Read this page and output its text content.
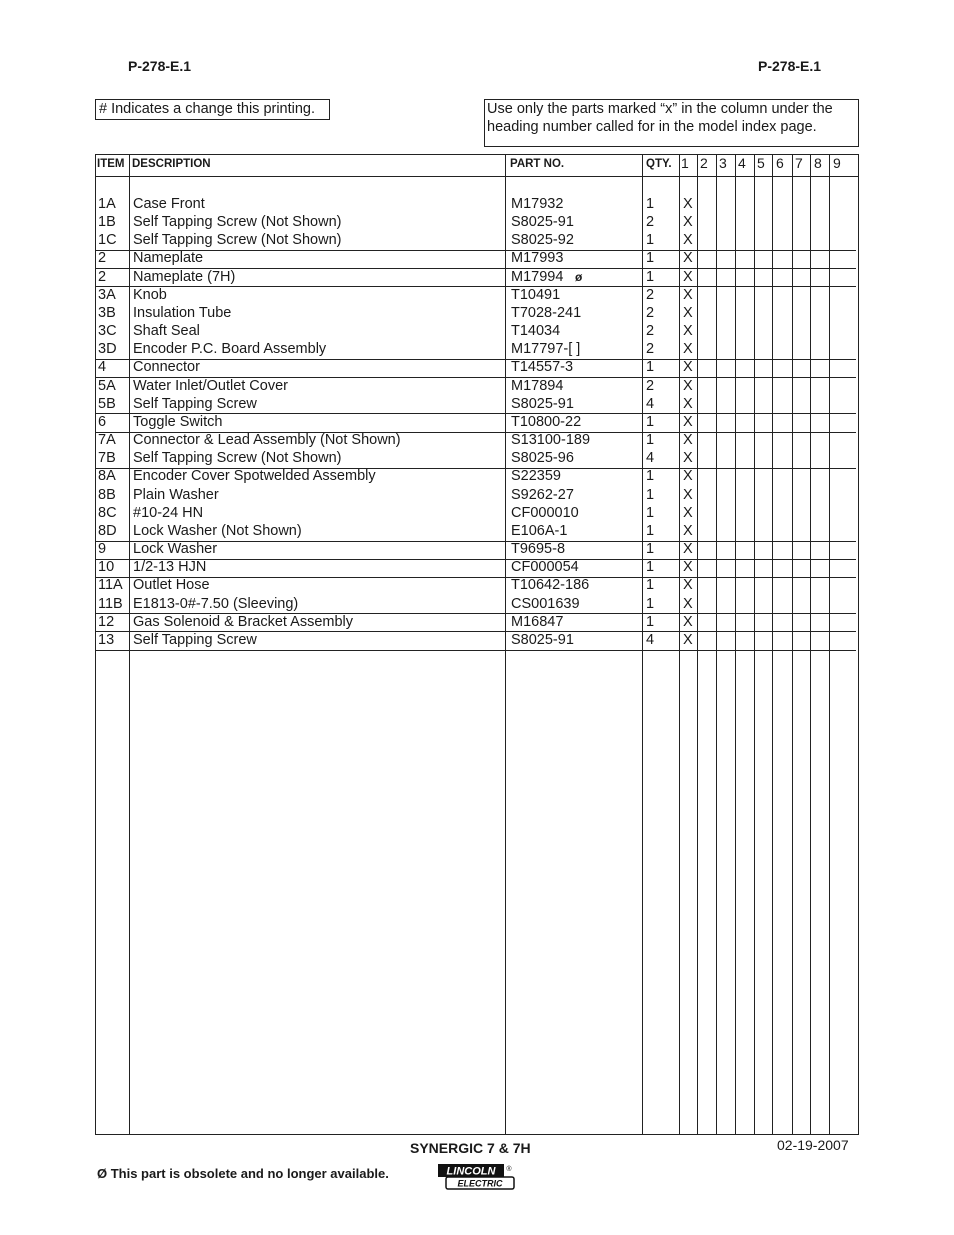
P-278-E.1	P-278-E.1
# Indicates a change this printing.	Use only the parts marked “x” in the column under the
heading number called for in the model index page.
ITEM DESCRIPTION	PART NO.	QTY. 1 2 3 4 5 6 7 8 9
1A Case Front	M17932	1 X
1B Self Tapping Screw (Not Shown)	S8025-91	2 X
1C Self Tapping Screw (Not Shown)	S8025-92	1 X
2 Nameplate	M17993	1 X
2 Nameplate (7H)	M17994	1 X
ø
3A Knob	T10491	2 X
3B Insulation Tube	T7028-241	2 X
3C Shaft Seal	T14034	2 X
3D Encoder P.C. Board Assembly	M17797-[ ]	2 X
4 Connector	T14557-3	1 X
5A Water Inlet/Outlet Cover	M17894	2 X
5B Self Tapping Screw	S8025-91	4 X
6 Toggle Switch	T10800-22	1 X
7A Connector & Lead Assembly (Not Shown)	S13100-189	1 X
7B Self Tapping Screw (Not Shown)	S8025-96	4 X
8A Encoder Cover Spotwelded Assembly	S22359	1 X
8B Plain Washer	S9262-27	1 X
8C #10-24 HN	CF000010	1 X
8D Lock Washer (Not Shown)	E106A-1	1 X
9 Lock Washer	T9695-8	1 X
10 1/2-13 HJN	CF000054	1 X
11A Outlet Hose	T10642-186	1 X
11B E1813-0#-7.50 (Sleeving)	CS001639	1 X
12 Gas Solenoid & Bracket Assembly	M16847	1 X
13 Self Tapping Screw	S8025-91	4 X
SYNERGIC 7 & 7H	02-19-2007
Ø This part is obsolete and no longer available.	LINCOLN ®
ELECTRIC
